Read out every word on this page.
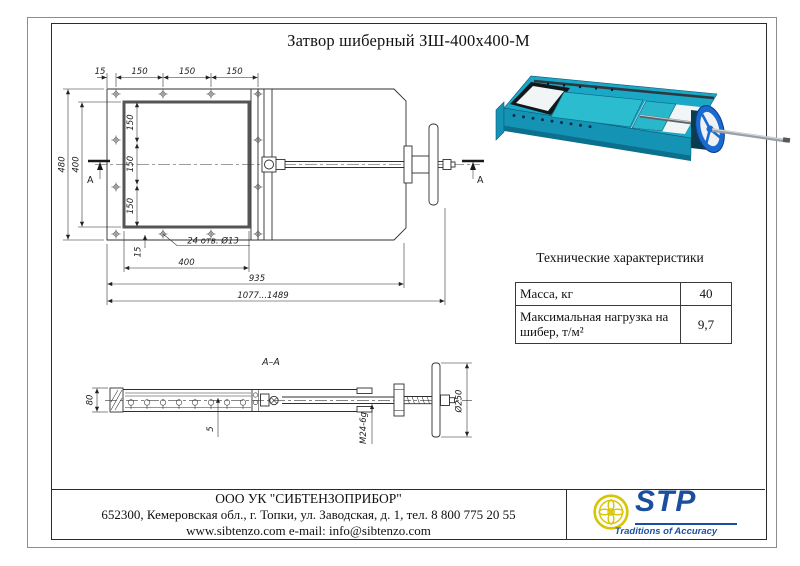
Затвор шиберный ЗШ-400х400-М
A	A
15	150	150	150
480 400
150
150
150
15
24 отв. Ø13
400
935
1077...1489
A–A
80
5	M24-6g
Ø250
Технические характеристики
Масса, кг	40
Максимальная нагрузка на шибер, т/м²	9,7
ООО УК "СИБТЕНЗОПРИБОР"
652300, Кемеровская обл., г. Топки, ул. Заводская, д. 1, тел. 8 800 775 20 55
www.sibtenzo.com e-mail: info@sibtenzo.com
STP
Traditions of Accuracy
